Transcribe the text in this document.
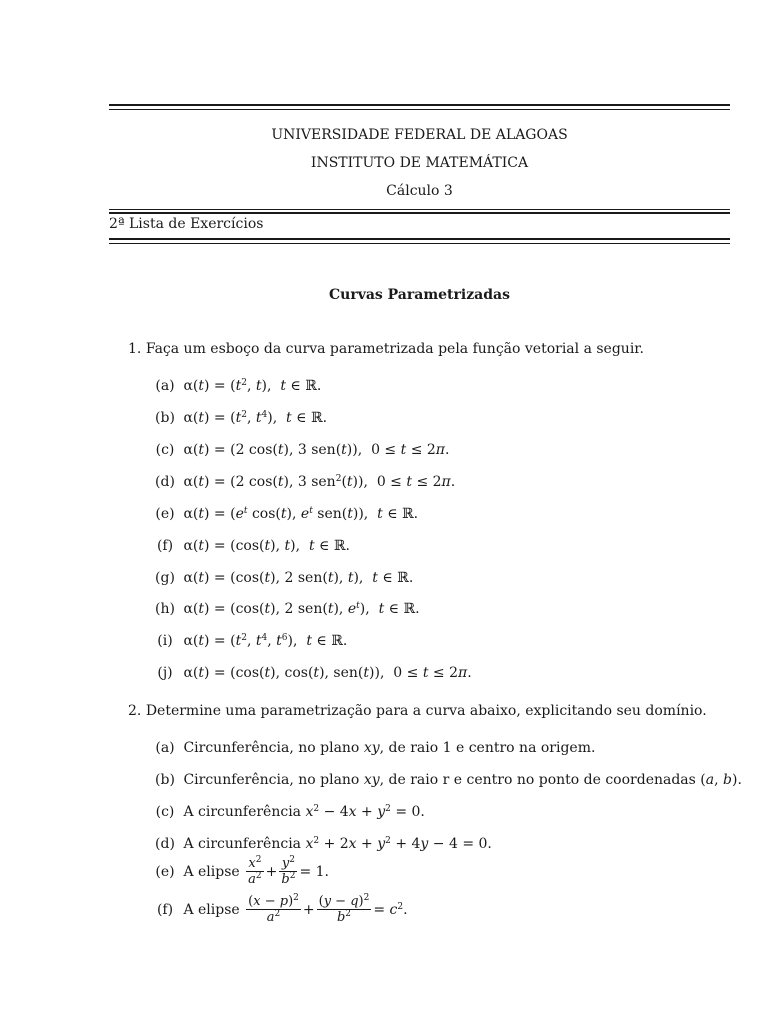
UNIVERSIDADE FEDERAL DE ALAGOAS
INSTITUTO DE MATEMÁTICA
Cálculo 3
2ª Lista de Exercícios
Curvas Parametrizadas
1. Faça um esboço da curva parametrizada pela função vetorial a seguir.
(a) $\alpha(t) = (t^2$, t),  t ∈ ℝ.
(b) $\alpha(t) = (t^2$, $t^4$),  t ∈ ℝ.
(c) α(t) = (2 cos(t), 3 sen(t)),  0 ≤ t ≤ 2π.
(d) α(t) = (2 cos(t), 3 sen$^2$(t)),  0 ≤ t ≤ 2π.
(e) $\alpha(t) = (e^t$ cos(t), $e^t$ sen(t)),  t ∈ ℝ.
(f) α(t) = (cos(t), t),  t ∈ ℝ.
(g) α(t) = (cos(t), 2 sen(t), t),  t ∈ ℝ.
(h) α(t) = (cos(t), 2 sen(t), $e^t$),  t ∈ ℝ.
(i) $\alpha(t) = (t^2$, $t^4$, $t^6$),  t ∈ ℝ.
(j) α(t) = (cos(t), cos(t), sen(t)),  0 ≤ t ≤ 2π.
2. Determine uma parametrização para a curva abaixo, explicitando seu domínio.
(a) Circunferência, no plano xy, de raio 1 e centro na origem.
(b) Circunferência, no plano xy, de raio r e centro no ponto de coordenadas (a, b).
(c) A circunferência $x^2 - 4x + y^2 = 0$.
(d) A circunferência $x^2 + 2x + y^2 + 4y - 4 = 0$.
(e) A elipse $\frac{x^2}{a^2} + \frac{y^2}{b^2} = 1$.
(f) A elipse $\frac{(x - p)^2}{a^2} + \frac{(y - q)^2}{b^2} = c^2$.
